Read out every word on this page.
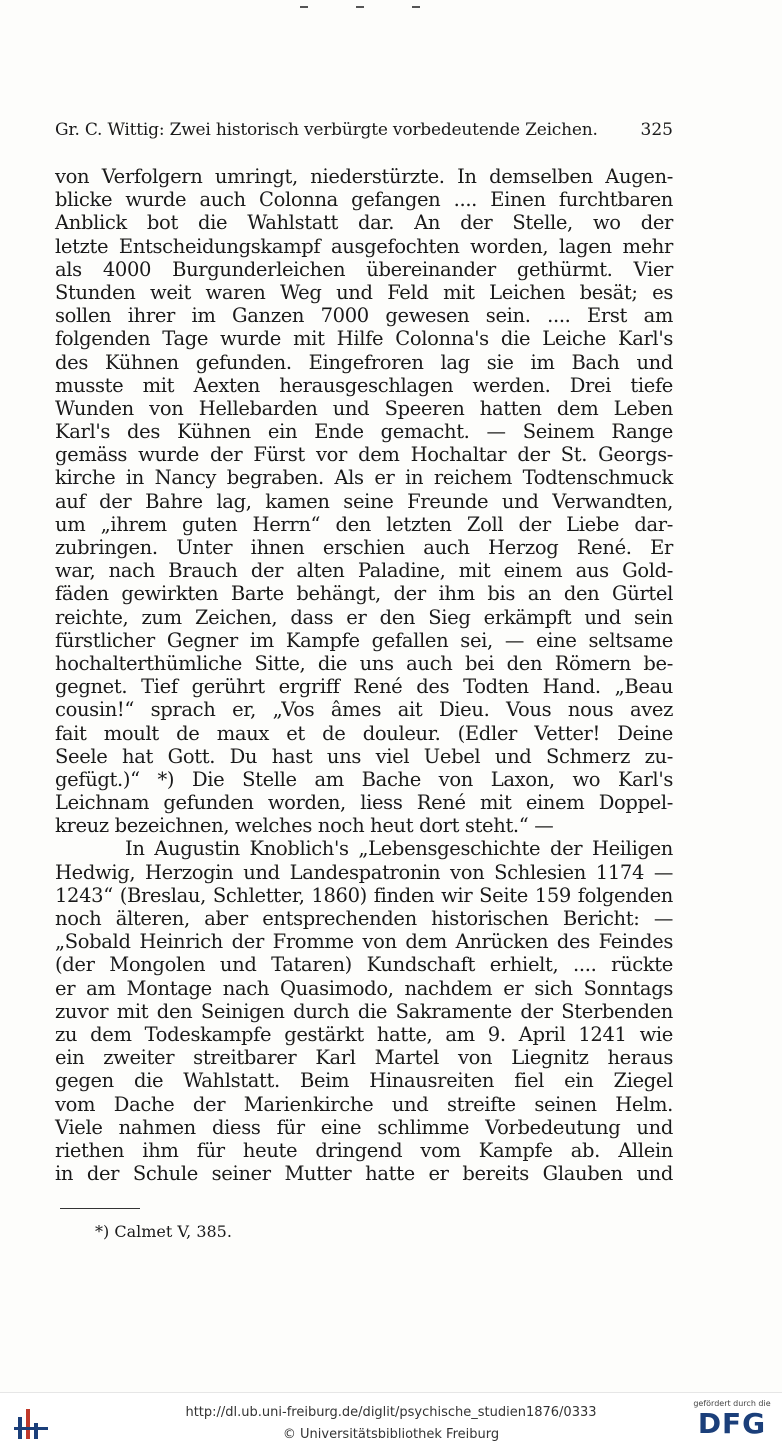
Gr. C. Wittig: Zwei historisch verbürgte vorbedeutende Zeichen.	325
von Verfolgern umringt, niederstürzte. In demselben Augen-
blicke wurde auch Colonna gefangen .... Einen furchtbaren
Anblick bot die Wahlstatt dar. An der Stelle, wo der
letzte Entscheidungskampf ausgefochten worden, lagen mehr
als 4000 Burgunderleichen übereinander gethürmt. Vier
Stunden weit waren Weg und Feld mit Leichen besät; es
sollen ihrer im Ganzen 7000 gewesen sein. .... Erst am
folgenden Tage wurde mit Hilfe Colonna's die Leiche Karl's
des Kühnen gefunden. Eingefroren lag sie im Bach und
musste mit Aexten herausgeschlagen werden. Drei tiefe
Wunden von Hellebarden und Speeren hatten dem Leben
Karl's des Kühnen ein Ende gemacht. — Seinem Range
gemäss wurde der Fürst vor dem Hochaltar der St. Georgs-
kirche in Nancy begraben. Als er in reichem Todtenschmuck
auf der Bahre lag, kamen seine Freunde und Verwandten,
um „ihrem guten Herrn“ den letzten Zoll der Liebe dar-
zubringen. Unter ihnen erschien auch Herzog René. Er
war, nach Brauch der alten Paladine, mit einem aus Gold-
fäden gewirkten Barte behängt, der ihm bis an den Gürtel
reichte, zum Zeichen, dass er den Sieg erkämpft und sein
fürstlicher Gegner im Kampfe gefallen sei, — eine seltsame
hochalterthümliche Sitte, die uns auch bei den Römern be-
gegnet. Tief gerührt ergriff René des Todten Hand. „Beau
cousin!“ sprach er, „Vos âmes ait Dieu. Vous nous avez
fait moult de maux et de douleur. (Edler Vetter! Deine
Seele hat Gott. Du hast uns viel Uebel und Schmerz zu-
gefügt.)“ *) Die Stelle am Bache von Laxon, wo Karl's
Leichnam gefunden worden, liess René mit einem Doppel-
kreuz bezeichnen, welches noch heut dort steht.“ —
In Augustin Knoblich's „Lebensgeschichte der Heiligen
Hedwig, Herzogin und Landespatronin von Schlesien 1174 —
1243“ (Breslau, Schletter, 1860) finden wir Seite 159 folgenden
noch älteren, aber entsprechenden historischen Bericht: —
„Sobald Heinrich der Fromme von dem Anrücken des Feindes
(der Mongolen und Tataren) Kundschaft erhielt, .... rückte
er am Montage nach Quasimodo, nachdem er sich Sonntags
zuvor mit den Seinigen durch die Sakramente der Sterbenden
zu dem Todeskampfe gestärkt hatte, am 9. April 1241 wie
ein zweiter streitbarer Karl Martel von Liegnitz heraus
gegen die Wahlstatt. Beim Hinausreiten fiel ein Ziegel
vom Dache der Marienkirche und streifte seinen Helm.
Viele nahmen diess für eine schlimme Vorbedeutung und
riethen ihm für heute dringend vom Kampfe ab. Allein
in der Schule seiner Mutter hatte er bereits Glauben und
*) Calmet V, 385.
http://dl.ub.uni-freiburg.de/diglit/psychische_studien1876/0333
© Universitätsbibliothek Freiburg
gefördert durch die
DFG
